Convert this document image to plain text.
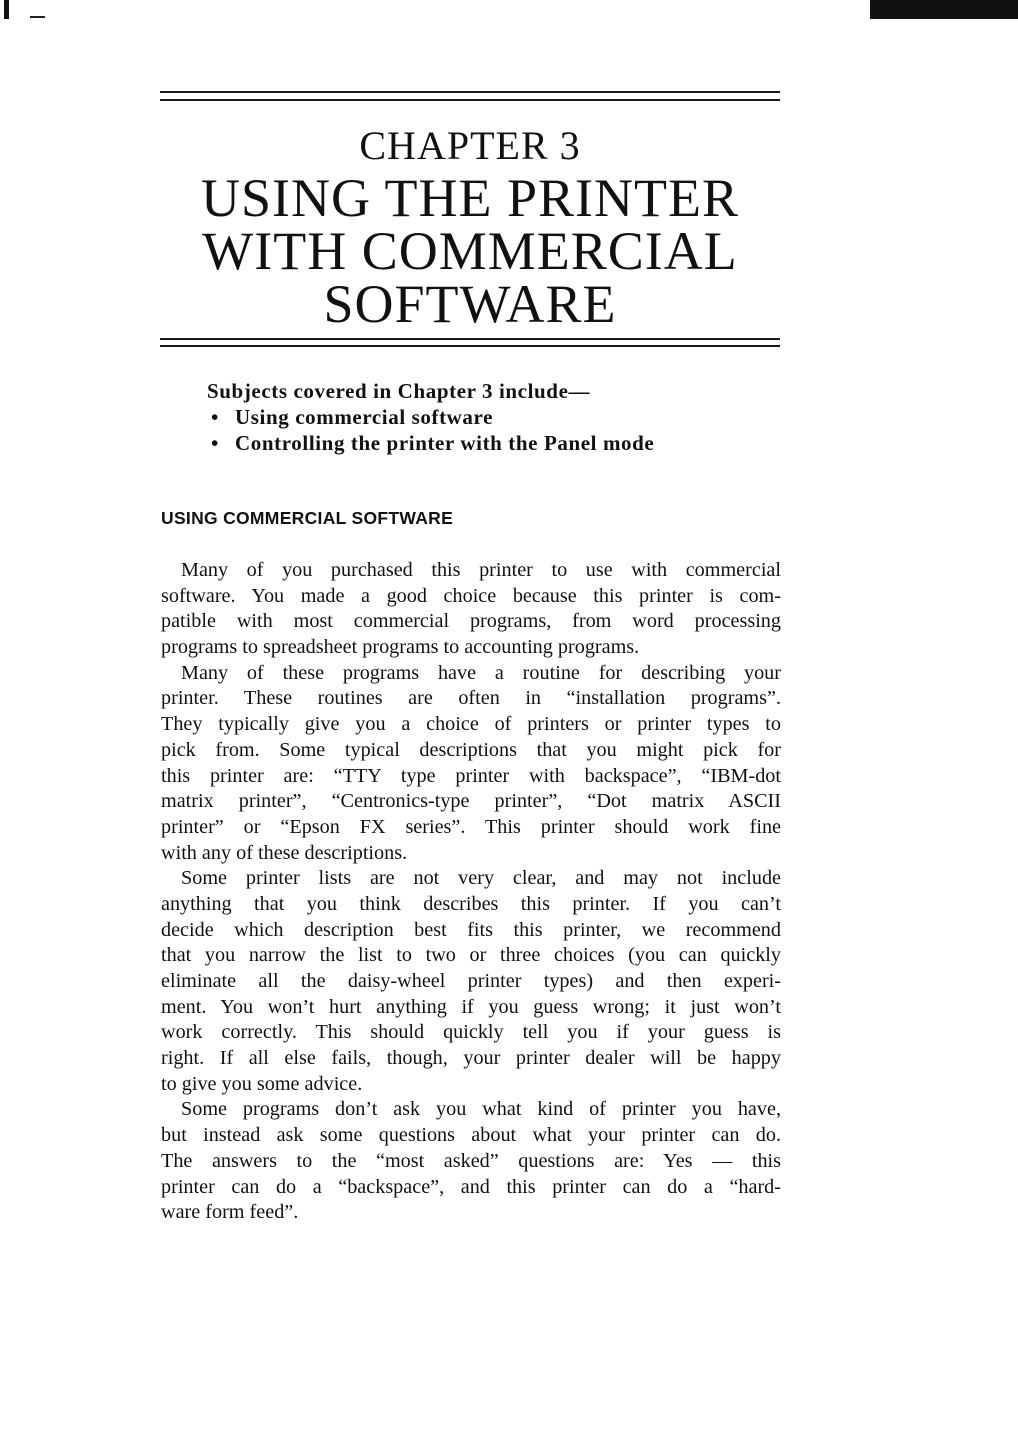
CHAPTER 3
USING THE PRINTER
WITH COMMERCIAL
SOFTWARE
Subjects covered in Chapter 3 include—
• Using commercial software
• Controlling the printer with the Panel mode
USING COMMERCIAL SOFTWARE
Many of you purchased this printer to use with commercial
software. You made a good choice because this printer is com-
patible with most commercial programs, from word processing
programs to spreadsheet programs to accounting programs.
Many of these programs have a routine for describing your
printer. These routines are often in “installation programs”.
They typically give you a choice of printers or printer types to
pick from. Some typical descriptions that you might pick for
this printer are: “TTY type printer with backspace”, “IBM-dot
matrix printer”, “Centronics-type printer”, “Dot matrix ASCII
printer” or “Epson FX series”. This printer should work fine
with any of these descriptions.
Some printer lists are not very clear, and may not include
anything that you think describes this printer. If you can’t
decide which description best fits this printer, we recommend
that you narrow the list to two or three choices (you can quickly
eliminate all the daisy-wheel printer types) and then experi-
ment. You won’t hurt anything if you guess wrong; it just won’t
work correctly. This should quickly tell you if your guess is
right. If all else fails, though, your printer dealer will be happy
to give you some advice.
Some programs don’t ask you what kind of printer you have,
but instead ask some questions about what your printer can do.
The answers to the “most asked” questions are: Yes — this
printer can do a “backspace”, and this printer can do a “hard-
ware form feed”.
